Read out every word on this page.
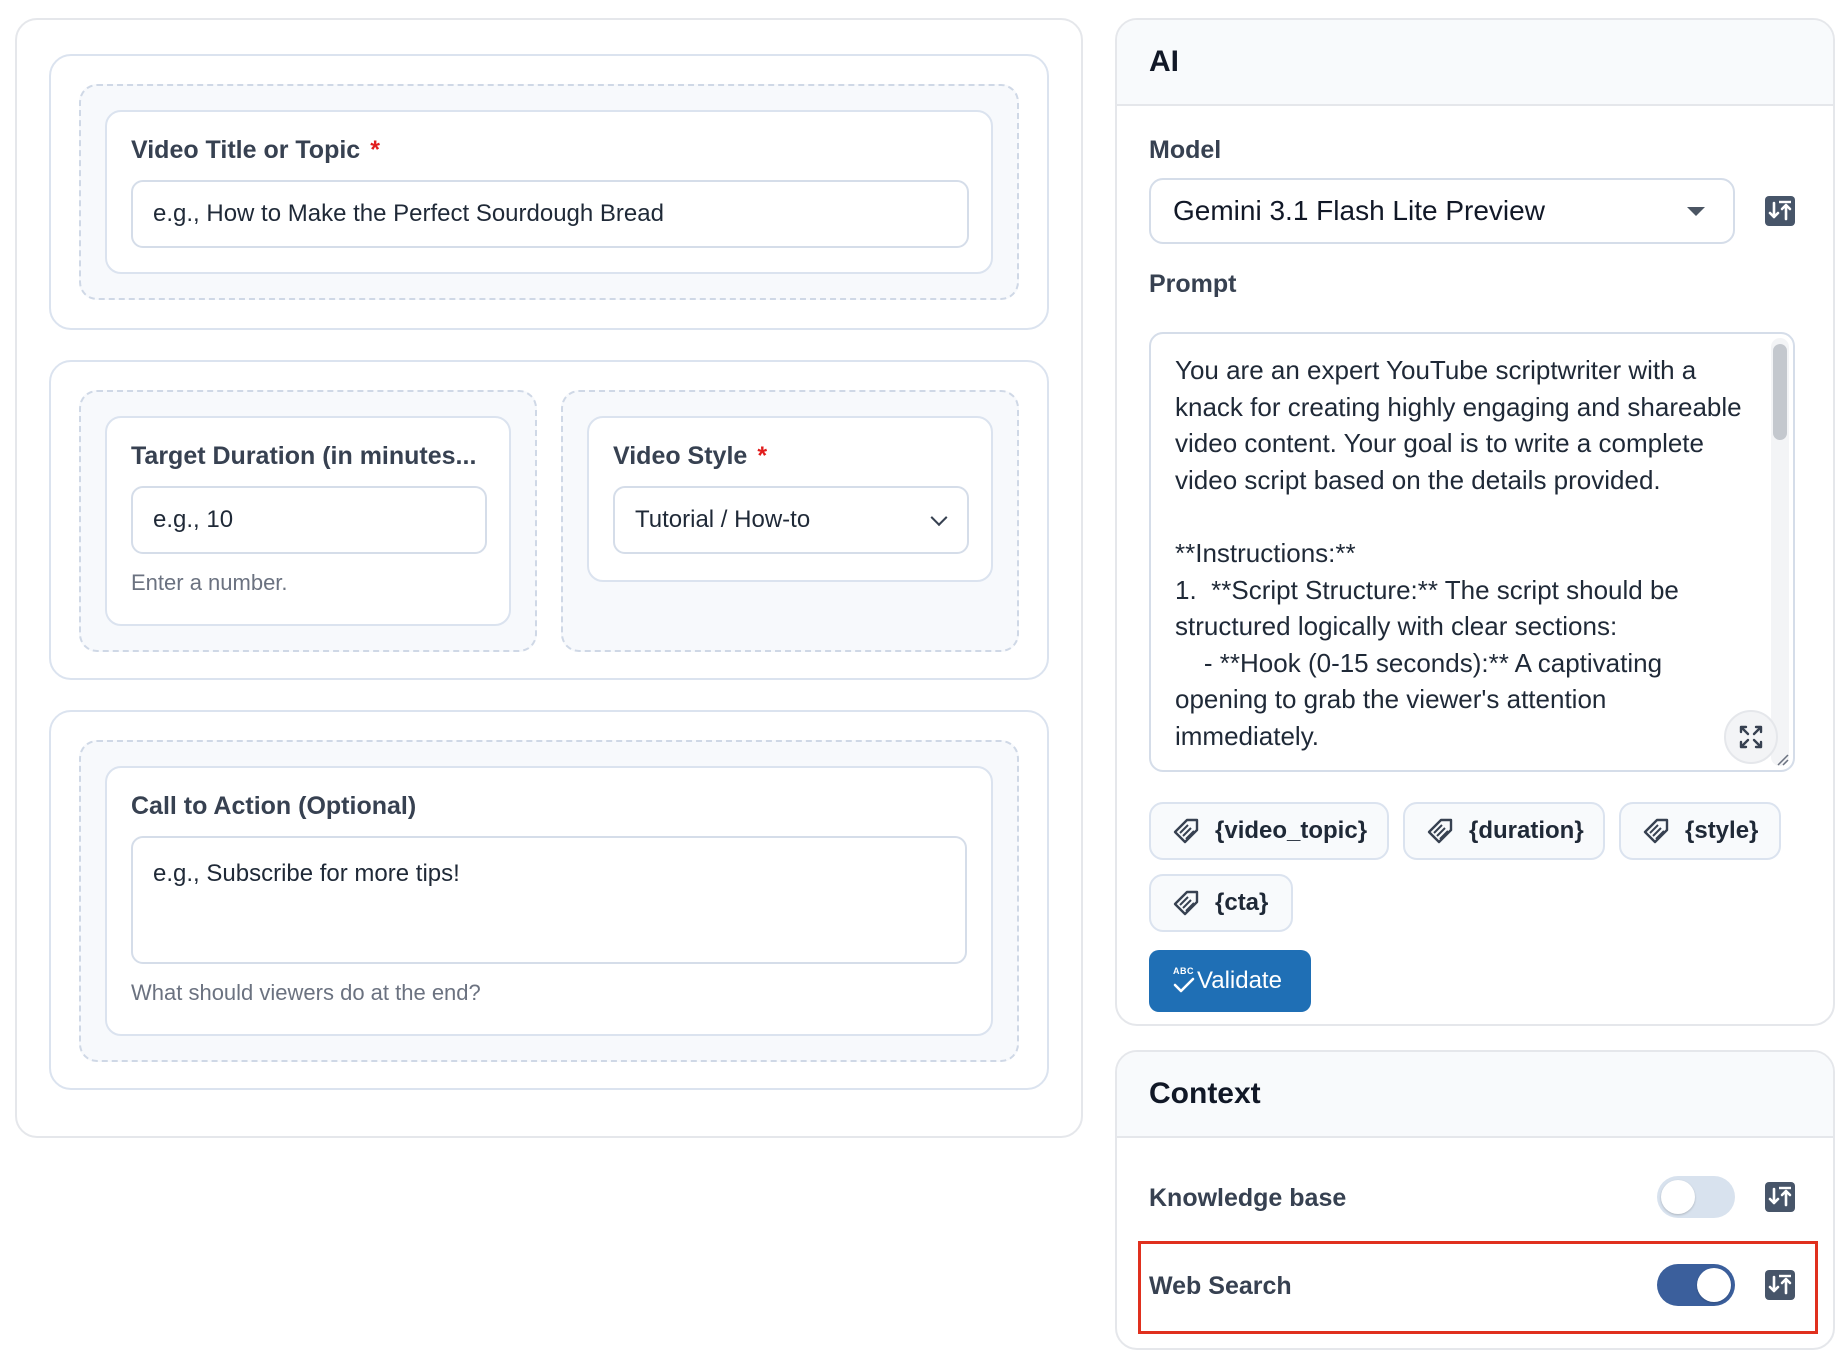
Video Title or Topic *
e.g., How to Make the Perfect Sourdough Bread
Target Duration (in minutes...
e.g., 10
Enter a number.
Video Style *
Tutorial / How-to
Call to Action (Optional)
e.g., Subscribe for more tips!
What should viewers do at the end?
AI
Model
Gemini 3.1 Flash Lite Preview
Prompt
You are an expert YouTube scriptwriter with a knack for creating highly engaging and shareable video content. Your goal is to write a complete video script based on the details provided.

**Instructions:**
1.  **Script Structure:** The script should be structured logically with clear sections:
- **Hook (0-15 seconds):** A captivating opening to grab the viewer's attention immediately.
{video_topic}	{duration}	{style}
{cta}
ABC Validate
Context
Knowledge base
Web Search
